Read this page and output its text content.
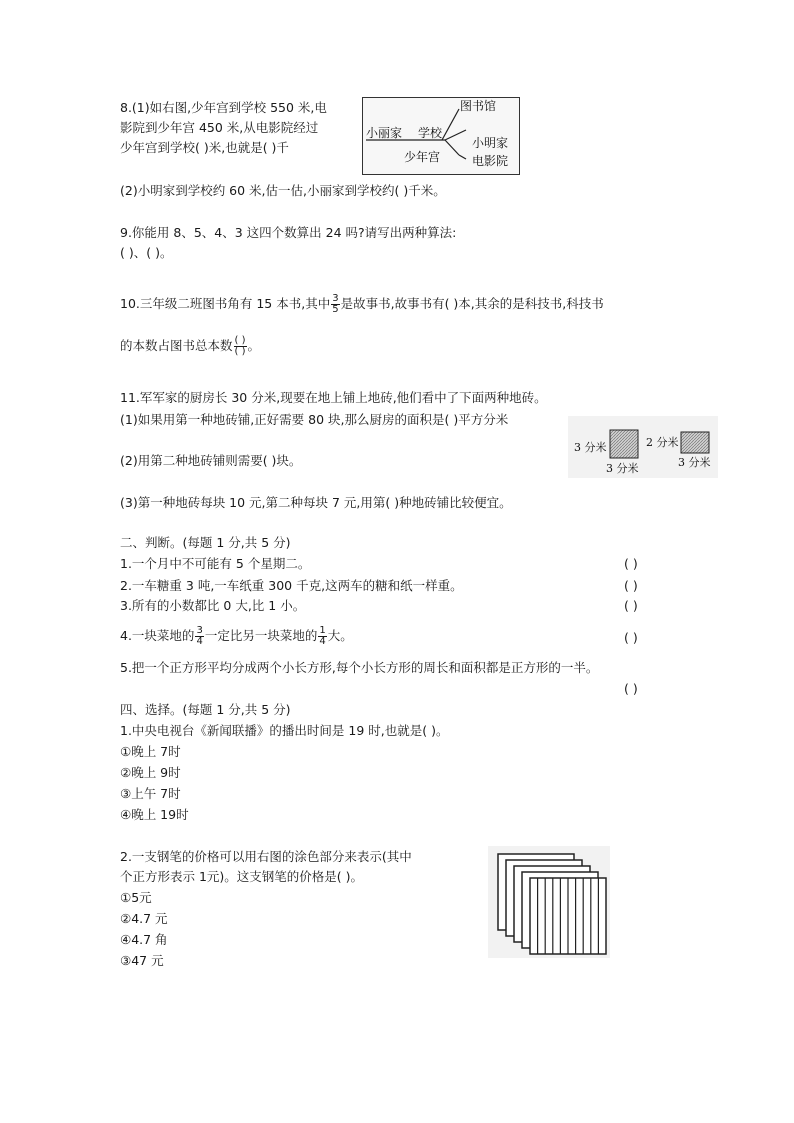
8.(1)如右图,少年宫到学校 550 米,电
影院到少年宫 450 米,从电影院经过
少年宫到学校( )米,也就是( )千
图书馆
小丽家 学校
小明家
少年宫	电影院
(2)小明家到学校约 60 米,估一估,小丽家到学校约( )千米。
9.你能用 8、5、4、3 这四个数算出 24 吗?请写出两种算法:
( )、( )。
10.三年级二班图书角有 15 本书,其中 $\frac{3}{5}$ 是故事书,故事书有( )本,其余的是科技书,科技书
的本数占图书总本数 $\frac{( )}{( )}$ 。
11.军军家的厨房长 30 分米,现要在地上铺上地砖,他们看中了下面两种地砖。
(1)如果用第一种地砖铺,正好需要 80 块,那么厨房的面积是( )平方分米
3 分米
3 分米
2 分米
3 分米
(2)用第二种地砖铺则需要( )块。
(3)第一种地砖每块 10 元,第二种每块 7 元,用第( )种地砖铺比较便宜。
二、判断。(每题 1 分,共 5 分)
1.一个月中不可能有 5 个星期二。	( )
2.一车糖重 3 吨,一车纸重 300 千克,这两车的糖和纸一样重。	( )
3.所有的小数都比 0 大,比 1 小。	( )
4.一块菜地的 $\frac{3}{4}$ 一定比另一块菜地的 $\frac{1}{4}$ 大。	( )
5.把一个正方形平均分成两个小长方形,每个小长方形的周长和面积都是正方形的一半。
( )
四、选择。(每题 1 分,共 5 分)
1.中央电视台《新闻联播》的播出时间是 19 时,也就是( )。
①晚上 7时
②晚上 9时
③上午 7时
④晚上 19时
2.一支钢笔的价格可以用右图的涂色部分来表示(其中
个正方形表示 1元)。这支钢笔的价格是( )。
①5元
②4.7 元
④4.7 角
③47 元
